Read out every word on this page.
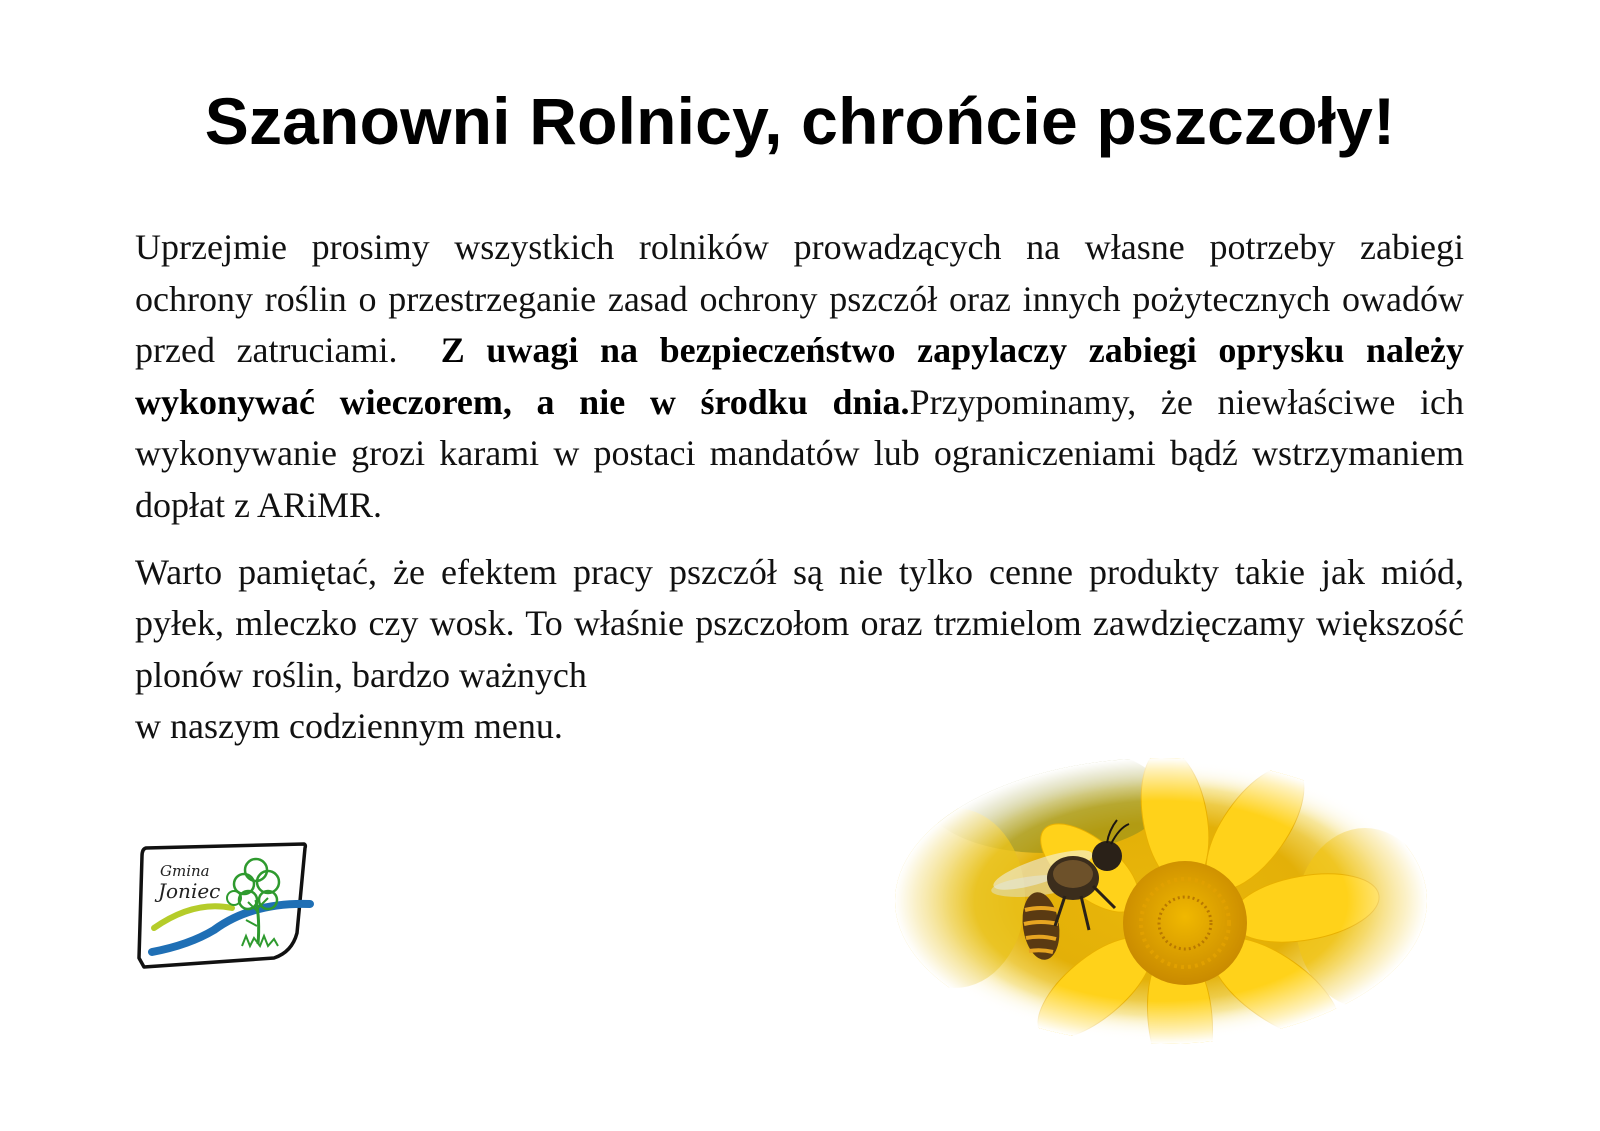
Szanowni Rolnicy, chrońcie pszczoły!

Uprzejmie prosimy wszystkich rolników prowadzących na własne potrzeby zabiegi ochrony roślin o przestrzeganie zasad ochrony pszczół oraz innych pożytecznych owadów przed zatruciami. Z uwagi na bezpieczeństwo zapylaczy zabiegi oprysku należy wykonywać wieczorem, a nie w środku dnia.Przypominamy, że niewłaściwe ich wykonywanie grozi karami w postaci mandatów lub ograniczeniami bądź wstrzymaniem dopłat z ARiMR.

Warto pamiętać, że efektem pracy pszczół są nie tylko cenne produkty takie jak miód, pyłek, mleczko czy wosk. To właśnie pszczołom oraz trzmielom zawdzięczamy większość plonów roślin, bardzo ważnych
w naszym codziennym menu.

Gmina
Joniec
